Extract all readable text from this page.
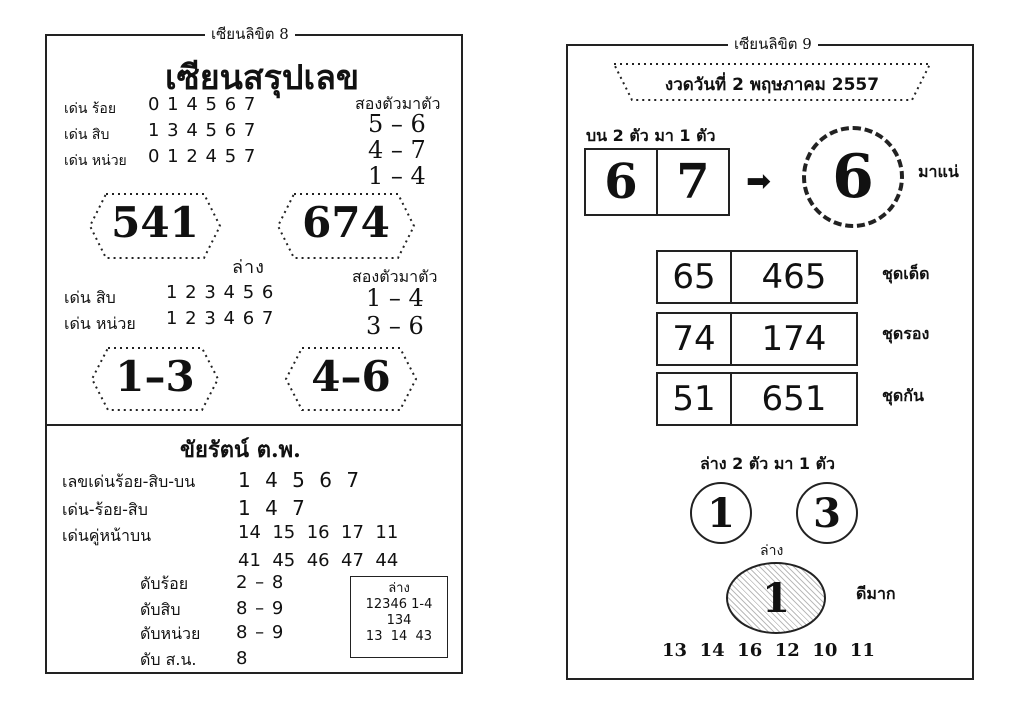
เซียนลิขิต 8
เซียนสรุปเลข
เด่น ร้อย 0 1 4 5 6 7
เด่น สิบ 1 3 4 5 6 7
เด่น หน่วย 0 1 2 4 5 7
สองตัวมาตัว
5 – 6
4 – 7
1 – 4
541	674
ล่าง	สองตัวมาตัว
1 – 4
3 – 6
เด่น สิบ	1 2 3 4 5 6
เด่น หน่วย 1 2 3 4 6 7
1–3	4–6
ขัยรัตน์ ต.พ.
เลขเด่นร้อย-สิบ-บน 1 4 5 6 7
เด่น-ร้อย-สิบ	1 4 7
เด่นคู่หน้าบน	14  15  16  17  11
41  45  46  47  44
ดับร้อย	2 – 8
ดับสิบ	8 – 9
ดับหน่วย 8 – 9
ดับ ส.น. 8
ล่าง
12346 1-4
134
13  14  43
เซียนลิขิต 9
งวดวันที่ 2 พฤษภาคม 2557
บน 2 ตัว มา 1 ตัว
6 7	➡ 6	มาแน่
65	465	ชุดเด็ด
74	174	ชุดรอง
51	651	ชุดกัน
ล่าง 2 ตัว มา 1 ตัว
1 3
ล่าง
1	ดีมาก
13  14  16  12  10  11
